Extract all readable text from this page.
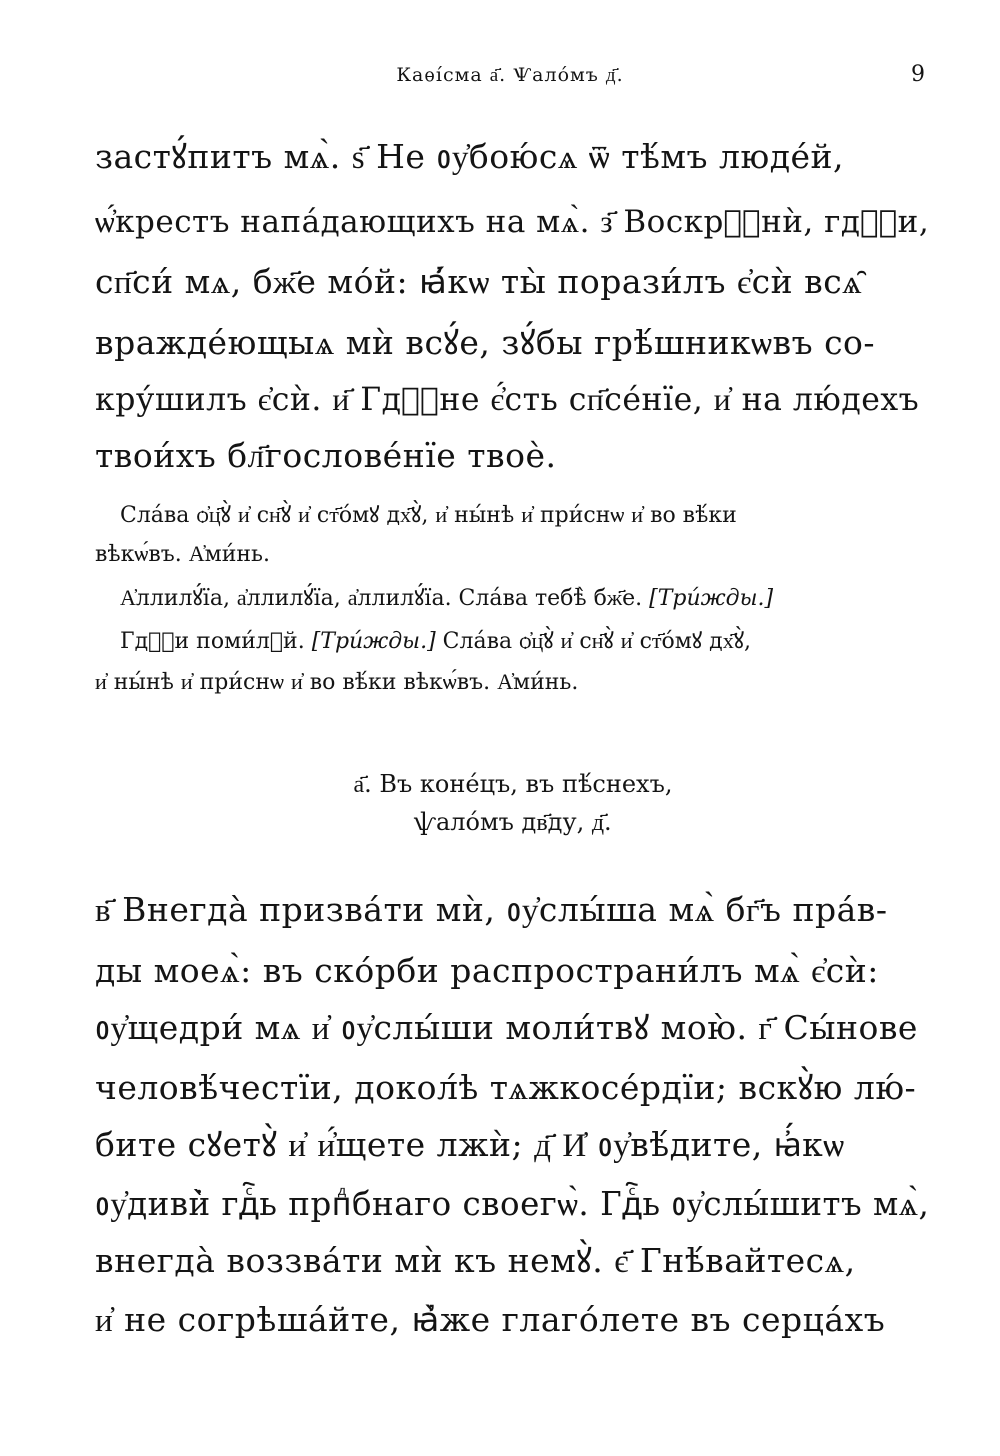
Каѳі́сма а҃. Ѱало́мъ д҃.	9
застꙋ́питъ мѧ̀. ѕ҃ Не ᲂу҆бою́сѧ ѿ тѣ́мъ люде́й,
ѡ҆́крестъ напа́дающихъ на мѧ̀. з҃ Воскрⷭ҇нѝ, гдⷭ҇и,
сп҃си́ мѧ, бж҃е мо́й: ꙗ҆́кѡ ты̀ порази́лъ є҆сѝ всѧ̑
вражде́ющыѧ мѝ всꙋ́е, зꙋ́бы грѣ́шникѡвъ со-
кру́шилъ є҆сѝ. и҃ Гдⷭ҇не є҆́сть сп҃се́нїе, и҆ на лю́дехъ
твои́хъ бл҃гослове́нїе твоѐ.
Сла́ва ѻ҆ц҃ꙋ̀ и҆ сн҃ꙋ̀ и҆ ст҃о́мꙋ дх҃ꙋ̀, и҆ ны́нѣ и҆ при́снѡ и҆ во вѣ́ки
вѣкѡ́въ. А҆ми́нь.
А҆ллилꙋ́їа, а҆ллилꙋ́їа, а҆ллилꙋ́їа. Сла́ва тебѣ̀ бж҃е. [Три́жды.]
Гдⷭ҇и поми́лꙋй. [Три́жды.] Сла́ва ѻ҆ц҃ꙋ̀ и҆ сн҃ꙋ̀ и҆ ст҃о́мꙋ дх҃ꙋ̀,
и҆ ны́нѣ и҆ при́снѡ и҆ во вѣ́ки вѣкѡ́въ. А҆ми́нь.
а҃. Въ коне́цъ, въ пѣ́снехъ,
ѱало́мъ дв҃ду, д҃.
в҃ Внегда̀ призва́ти мѝ, ᲂу҆слы́ша мѧ̀ бг҃ъ пра́в-
ды моеѧ̀: въ ско́рби распространи́лъ мѧ̀ є҆сѝ:
ᲂу҆щедри́ мѧ и҆ ᲂу҆слы́ши моли́твꙋ мою̀. г҃ Сы́нове
человѣ́честїи, докол́ѣ тѧжкосе́рдїи; вскꙋ̀ю лю́-
бите сꙋетꙋ̀ и҆ и҆́щете лжѝ; д҃ И҆ ᲂу҆вѣ́дите, ꙗ҆́кѡ
ᲂу҆диви̇̀ гдⷭ҇ь прпⷣбнаго своегѡ̀. Гдⷭ҇ь ᲂу҆слы́шитъ мѧ̀,
внегда̀ воззва́ти мѝ къ немꙋ̀. є҃ Гнѣ́вайтесѧ,
и҆ не согрѣша́йте, ꙗ҆̀же глаго́лете въ серца́хъ
